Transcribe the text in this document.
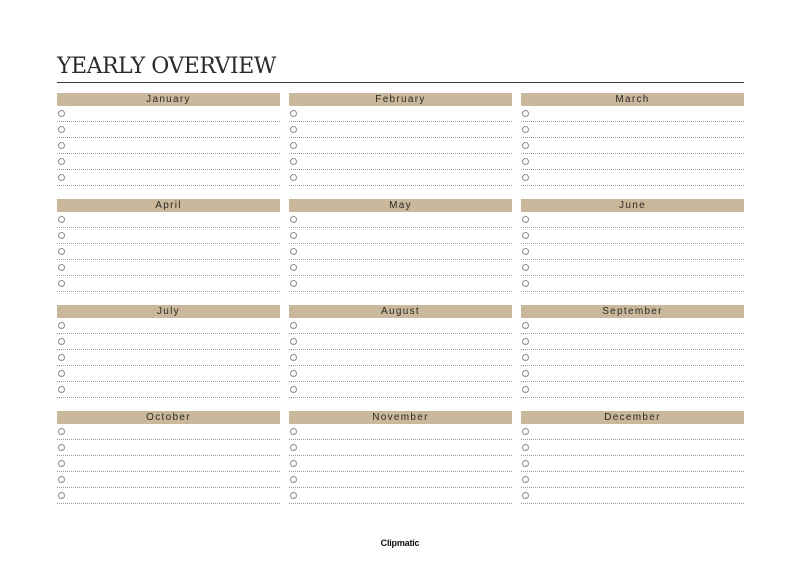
YEARLY OVERVIEW
January	February	March
April	May	June
July	August	September
October	November	December
Clipmatic
